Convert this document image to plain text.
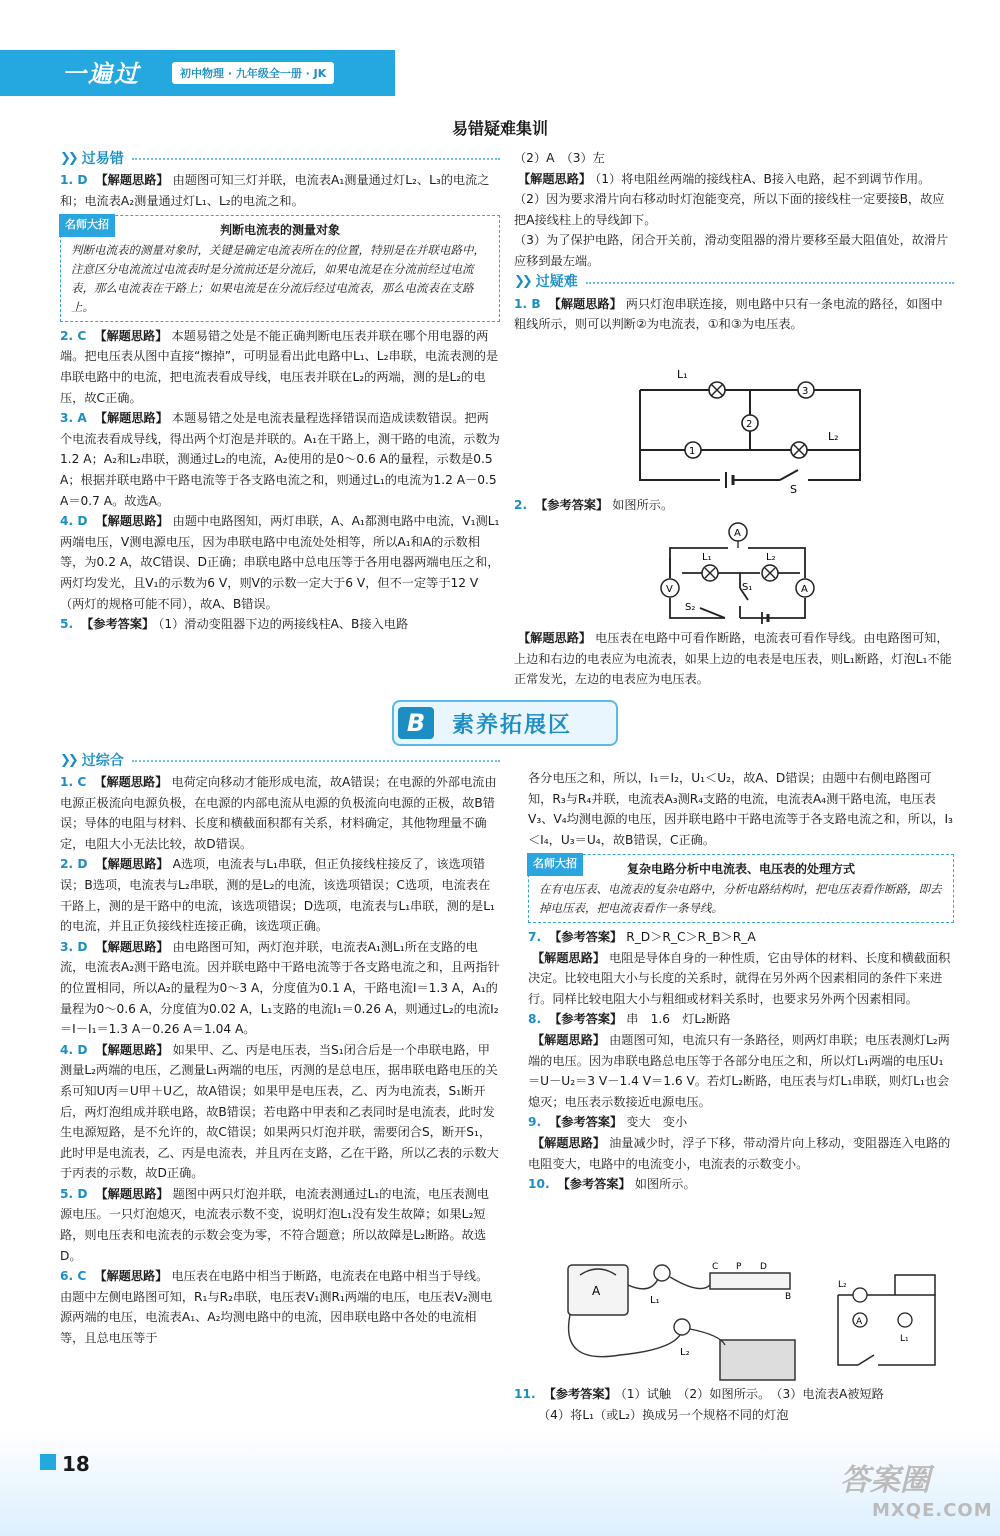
一遍过	初中物理 · 九年级全一册 · JK
易错疑难集训
❯❯ 过易错

1. D 【解题思路】 由题图可知三灯并联，电流表A₁测量通过灯L₂、L₃的电流之和；电流表A₂测量通过灯L₁、L₂的电流之和。

名师大招	判断电流表的测量对象
判断电流表的测量对象时，关键是确定电流表所在的位置，特别是在并联电路中，注意区分电流流过电流表时是分流前还是分流后，如果电流是在分流前经过电流表，那么电流表在干路上；如果电流是在分流后经过电流表，那么电流表在支路上。

2. C 【解题思路】 本题易错之处是不能正确判断电压表并联在哪个用电器的两端。把电压表从图中直接“擦掉”，可明显看出此电路中L₁、L₂串联，电流表测的是串联电路中的电流，把电流表看成导线，电压表并联在L₂的两端，测的是L₂的电压，故C正确。

3. A 【解题思路】 本题易错之处是电流表量程选择错误而造成读数错误。把两个电流表看成导线，得出两个灯泡是并联的。A₁在干路上，测干路的电流，示数为1.2 A；A₂和L₂串联，测通过L₂的电流，A₂使用的是0～0.6 A的量程，示数是0.5 A；根据并联电路中干路电流等于各支路电流之和，则通过L₁的电流为1.2 A－0.5 A＝0.7 A。故选A。

4. D 【解题思路】 由题中电路图知，两灯串联，A、A₁都测电路中电流，V₁测L₁两端电压，V测电源电压，因为串联电路中电流处处相等，所以A₁和A的示数相等，为0.2 A，故C错误、D正确；串联电路中总电压等于各用电器两端电压之和，两灯均发光，且V₁的示数为6 V，则V的示数一定大于6 V，但不一定等于12 V（两灯的规格可能不同），故A、B错误。

5. 【参考答案】 （1）滑动变阻器下边的两接线柱A、B接入电路

（2）A　（3）左

【解题思路】 （1）将电阻丝两端的接线柱A、B接入电路，起不到调节作用。

（2）因为要求滑片向右移动时灯泡能变亮，所以下面的接线柱一定要接B，故应把A接线柱上的导线卸下。

（3）为了保护电路，闭合开关前，滑动变阻器的滑片要移至最大阻值处，故滑片应移到最左端。

❯❯ 过疑难

1. B 【解题思路】 两只灯泡串联连接，则电路中只有一条电流的路径，如图中粗线所示，则可以判断②为电流表，①和③为电压表。

L₁
L₂
3
2
1
S

2. 【参考答案】 如图所示。

A
V	A
L₁	L₂
S₁
S₂

【解题思路】 电压表在电路中可看作断路，电流表可看作导线。由电路图可知，上边和右边的电表应为电流表，如果上边的电表是电压表，则L₁断路，灯泡L₁不能正常发光，左边的电表应为电压表。

B	素养拓展区
❯❯ 过综合

1. C 【解题思路】 电荷定向移动才能形成电流，故A错误；在电源的外部电流由电源正极流向电源负极，在电源的内部电流从电源的负极流向电源的正极，故B错误；导体的电阻与材料、长度和横截面积都有关系，材料确定，其他物理量不确定，电阻大小无法比较，故D错误。

2. D 【解题思路】 A选项，电流表与L₁串联，但正负接线柱接反了，该选项错误；B选项，电流表与L₂串联，测的是L₂的电流，该选项错误；C选项，电流表在干路上，测的是干路中的电流，该选项错误；D选项，电流表与L₁串联，测的是L₁的电流，并且正负接线柱连接正确，该选项正确。

3. D 【解题思路】 由电路图可知，两灯泡并联，电流表A₁测L₁所在支路的电流，电流表A₂测干路电流。因并联电路中干路电流等于各支路电流之和，且两指针的位置相同，所以A₂的量程为0～3 A，分度值为0.1 A，干路电流I＝1.3 A，A₁的量程为0～0.6 A，分度值为0.02 A，L₁支路的电流I₁＝0.26 A，则通过L₂的电流I₂＝I－I₁＝1.3 A－0.26 A＝1.04 A。

4. D 【解题思路】 如果甲、乙、丙是电压表，当S₁闭合后是一个串联电路，甲测量L₂两端的电压，乙测量L₁两端的电压，丙测的是总电压，据串联电路电压的关系可知U丙＝U甲＋U乙，故A错误；如果甲是电压表，乙、丙为电流表，S₁断开后，两灯泡组成并联电路，故B错误；若电路中甲表和乙表同时是电流表，此时发生电源短路，是不允许的，故C错误；如果两只灯泡并联，需要闭合S，断开S₁，此时甲是电流表，乙、丙是电流表，并且丙在支路，乙在干路，所以乙表的示数大于丙表的示数，故D正确。

5. D 【解题思路】 题图中两只灯泡并联，电流表测通过L₁的电流，电压表测电源电压。一只灯泡熄灭，电流表示数不变，说明灯泡L₁没有发生故障；如果L₂短路，则电压表和电流表的示数会变为零，不符合题意；所以故障是L₂断路。故选D。

6. C 【解题思路】 电压表在电路中相当于断路，电流表在电路中相当于导线。由题中左侧电路图可知，R₁与R₂串联，电压表V₁测R₁两端的电压，电压表V₂测电源两端的电压，电流表A₁、A₂均测电路中的电流，因串联电路中各处的电流相等，且总电压等于

各分电压之和，所以，I₁＝I₂，U₁＜U₂，故A、D错误；由题中右侧电路图可知，R₃与R₄并联，电流表A₃测R₄支路的电流，电流表A₄测干路电流，电压表V₃、V₄均测电源的电压，因并联电路中干路电流等于各支路电流之和，所以，I₃＜I₄，U₃＝U₄，故B错误，C正确。

名师大招	复杂电路分析中电流表、电压表的处理方式
在有电压表、电流表的复杂电路中，分析电路结构时，把电压表看作断路，即去掉电压表，把电流表看作一条导线。

7. 【参考答案】 R_D＞R_C＞R_B＞R_A

【解题思路】 电阻是导体自身的一种性质，它由导体的材料、长度和横截面积决定。比较电阻大小与长度的关系时，就得在另外两个因素相同的条件下来进行。同样比较电阻大小与粗细或材料关系时，也要求另外两个因素相同。

8. 【参考答案】 串　1.6　灯L₂断路

【解题思路】 由题图可知，电流只有一条路径，则两灯串联；电压表测灯L₂两端的电压。因为串联电路总电压等于各部分电压之和，所以灯L₁两端的电压U₁＝U－U₂＝3 V－1.4 V＝1.6 V。若灯L₂断路，电压表与灯L₁串联，则灯L₁也会熄灭；电压表示数接近电源电压。

9. 【参考答案】 变大　变小

【解题思路】 油量减少时，浮子下移，带动滑片向上移动，变阻器连入电路的电阻变大，电路中的电流变小，电流表的示数变小。

10. 【参考答案】 如图所示。

A
L₁
L₂
C	D
P
B
A
L₂
L₁

11. 【参考答案】 （1）试触　（2）如图所示。　（3）电流表A被短路

（4）将L₁（或L₂）换成另一个规格不同的灯泡

18	答案圈
MXQE.COM
